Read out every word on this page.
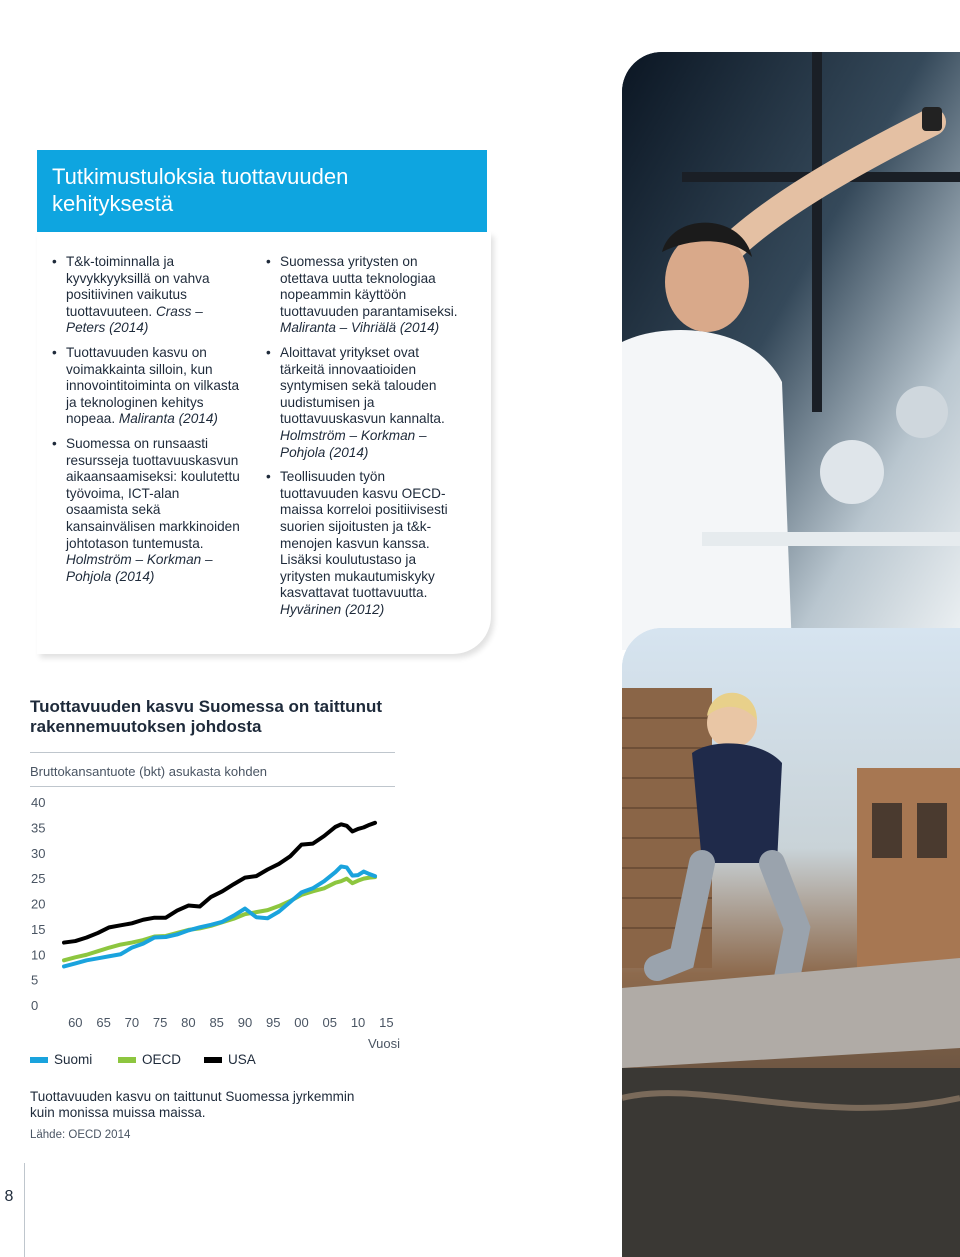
Tutkimustuloksia tuottavuuden kehityksestä
• T&k-toiminnalla ja kyvykkyyksillä on vahva positiivinen vaikutus tuottavuuteen. Crass – Peters (2014)
• Tuottavuuden kasvu on voimakkainta silloin, kun innovointitoiminta on vilkasta ja teknologinen kehitys nopeaa. Maliranta (2014)
• Suomessa on runsaasti resursseja tuottavuuskasvun aikaansaamiseksi: koulutettu työvoima, ICT-alan osaamista sekä kansainvälisen markkinoiden johtotason tuntemusta. Holmström – Korkman – Pohjola (2014)
• Suomessa yritysten on otettava uutta teknologiaa nopeammin käyttöön tuottavuuden parantamiseksi. Maliranta – Vihriälä (2014)
• Aloittavat yritykset ovat tärkeitä innovaatioiden syntymisen sekä talouden uudistumisen ja tuottavuuskasvun kannalta. Holmström – Korkman – Pohjola (2014)
• Teollisuuden työn tuottavuuden kasvu OECD-maissa korreloi positiivisesti suorien sijoitusten ja t&k-menojen kasvun kanssa. Lisäksi koulutustaso ja yritysten mukautumiskyky kasvattavat tuottavuutta. Hyvärinen (2012)
Tuottavuuden kasvu Suomessa on taittunut rakennemuutoksen johdosta
Bruttokansantuote (bkt) asukasta kohden
0
5
10
15
20
25
30
35
40
60 65 70 75 80 85 90 95 00 05 10 15
Vuosi
Suomi	OECD	USA

Tuottavuuden kasvu on taittunut Suomessa jyrkemmin kuin monissa muissa maissa.

Lähde: OECD 2014
8
